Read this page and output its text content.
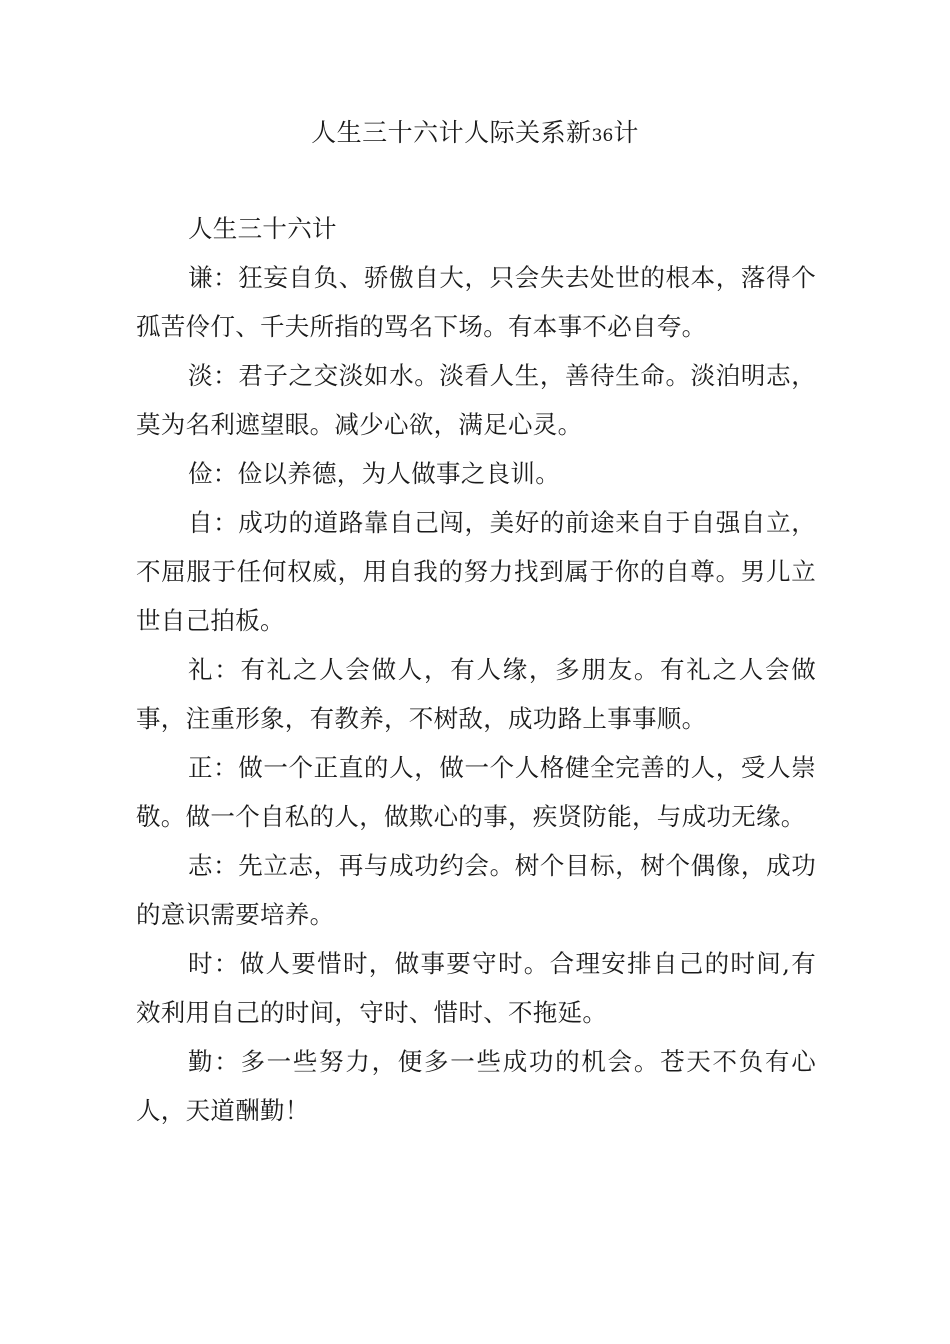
人生三十六计人际关系新36计

人生三十六计

谦：狂妄自负、骄傲自大，只会失去处世的根本，落得个孤苦伶仃、千夫所指的骂名下场。有本事不必自夸。

淡：君子之交淡如水。淡看人生，善待生命。淡泊明志，莫为名利遮望眼。减少心欲，满足心灵。

俭：俭以养德，为人做事之良训。

自：成功的道路靠自己闯，美好的前途来自于自强自立，不屈服于任何权威，用自我的努力找到属于你的自尊。男儿立世自己拍板。

礼：有礼之人会做人，有人缘，多朋友。有礼之人会做事，注重形象，有教养，不树敌，成功路上事事顺。

正：做一个正直的人，做一个人格健全完善的人，受人崇敬。做一个自私的人，做欺心的事，疾贤防能，与成功无缘。

志：先立志，再与成功约会。树个目标，树个偶像，成功的意识需要培养。

时：做人要惜时，做事要守时。合理安排自己的时间,有效利用自己的时间，守时、惜时、不拖延。

勤：多一些努力，便多一些成功的机会。苍天不负有心人，天道酬勤！
